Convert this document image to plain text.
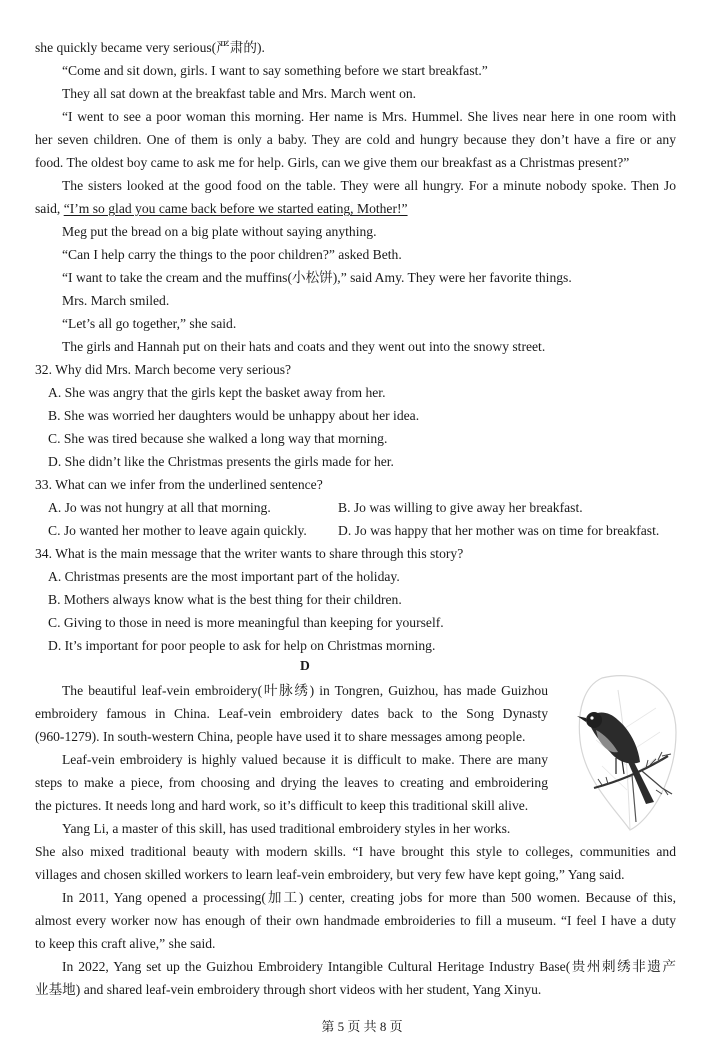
she quickly became very serious(严肃的).
“Come and sit down, girls. I want to say something before we start breakfast.”
They all sat down at the breakfast table and Mrs. March went on.
“I went to see a poor woman this morning. Her name is Mrs. Hummel. She lives near here in one room with
her seven children. One of them is only a baby. They are cold and hungry because they don’t have a fire or any
food. The oldest boy came to ask me for help. Girls, can we give them our breakfast as a Christmas present?”
The sisters looked at the good food on the table. They were all hungry. For a minute nobody spoke. Then Jo
said, “I’m so glad you came back before we started eating, Mother!”
Meg put the bread on a big plate without saying anything.
“Can I help carry the things to the poor children?” asked Beth.
“I want to take the cream and the muffins(小松饼),” said Amy. They were her favorite things.
Mrs. March smiled.
“Let’s all go together,” she said.
The girls and Hannah put on their hats and coats and they went out into the snowy street.
32. Why did Mrs. March become very serious?
A. She was angry that the girls kept the basket away from her.
B. She was worried her daughters would be unhappy about her idea.
C. She was tired because she walked a long way that morning.
D. She didn’t like the Christmas presents the girls made for her.
33. What can we infer from the underlined sentence?
A. Jo was not hungry at all that morning.	B. Jo was willing to give away her breakfast.
C. Jo wanted her mother to leave again quickly. D. Jo was happy that her mother was on time for breakfast.
34. What is the main message that the writer wants to share through this story?
A. Christmas presents are the most important part of the holiday.
B. Mothers always know what is the best thing for their children.
C. Giving to those in need is more meaningful than keeping for yourself.
D. It’s important for poor people to ask for help on Christmas morning.
D
The beautiful leaf-vein embroidery(叶脉绣) in Tongren, Guizhou, has made Guizhou
embroidery famous in China. Leaf-vein embroidery dates back to the Song Dynasty
(960-1279). In south-western China, people have used it to share messages among people.
Leaf-vein embroidery is highly valued because it is difficult to make. There are many
steps to make a piece, from choosing and drying the leaves to creating and embroidering
the pictures. It needs long and hard work, so it’s difficult to keep this traditional skill alive.
Yang Li, a master of this skill, has used traditional embroidery styles in her works.
She also mixed traditional beauty with modern skills. “I have brought this style to colleges, communities and
villages and chosen skilled workers to learn leaf-vein embroidery, but very few have kept going,” Yang said.
In 2011, Yang opened a processing(加工) center, creating jobs for more than 500 women. Because of this,
almost every worker now has enough of their own handmade embroideries to fill a museum. “I feel I have a duty
to keep this craft alive,” she said.
In 2022, Yang set up the Guizhou Embroidery Intangible Cultural Heritage Industry Base(贵州刺绣非遗产
业基地) and shared leaf-vein embroidery through short videos with her student, Yang Xinyu.
第 5 页 共 8 页
